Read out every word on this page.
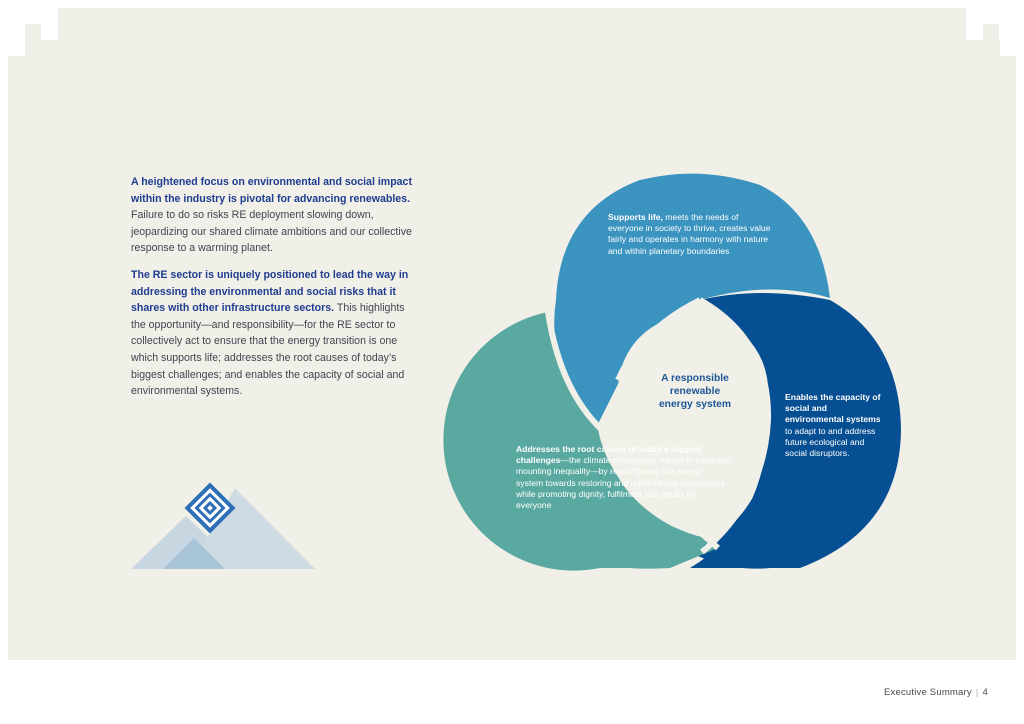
A heightened focus on environmental and social impact within the industry is pivotal for advancing renewables. Failure to do so risks RE deployment slowing down, jeopardizing our shared climate ambitions and our collective response to a warming planet.

The RE sector is uniquely positioned to lead the way in addressing the environmental and social risks that it shares with other infrastructure sectors. This highlights the opportunity—and responsibility—for the RE sector to collectively act to ensure that the energy transition is one which supports life; addresses the root causes of today’s biggest challenges; and enables the capacity of social and environmental systems.

A responsible
renewable
energy system
Supports life, meets the needs of everyone in society to thrive, creates value fairly and operates in harmony with nature and within planetary boundaries
Enables the capacity of social and environmental systems to adapt to and address future ecological and social disruptors.
Addresses the root causes of today’s biggest challenges—the climate emergency, nature in crisis and mounting inequality—by reconfiguring the energy system towards restoring and replenishing ecosystems while promoting dignity, fulfilment and equity for everyone
Executive Summary | 4
